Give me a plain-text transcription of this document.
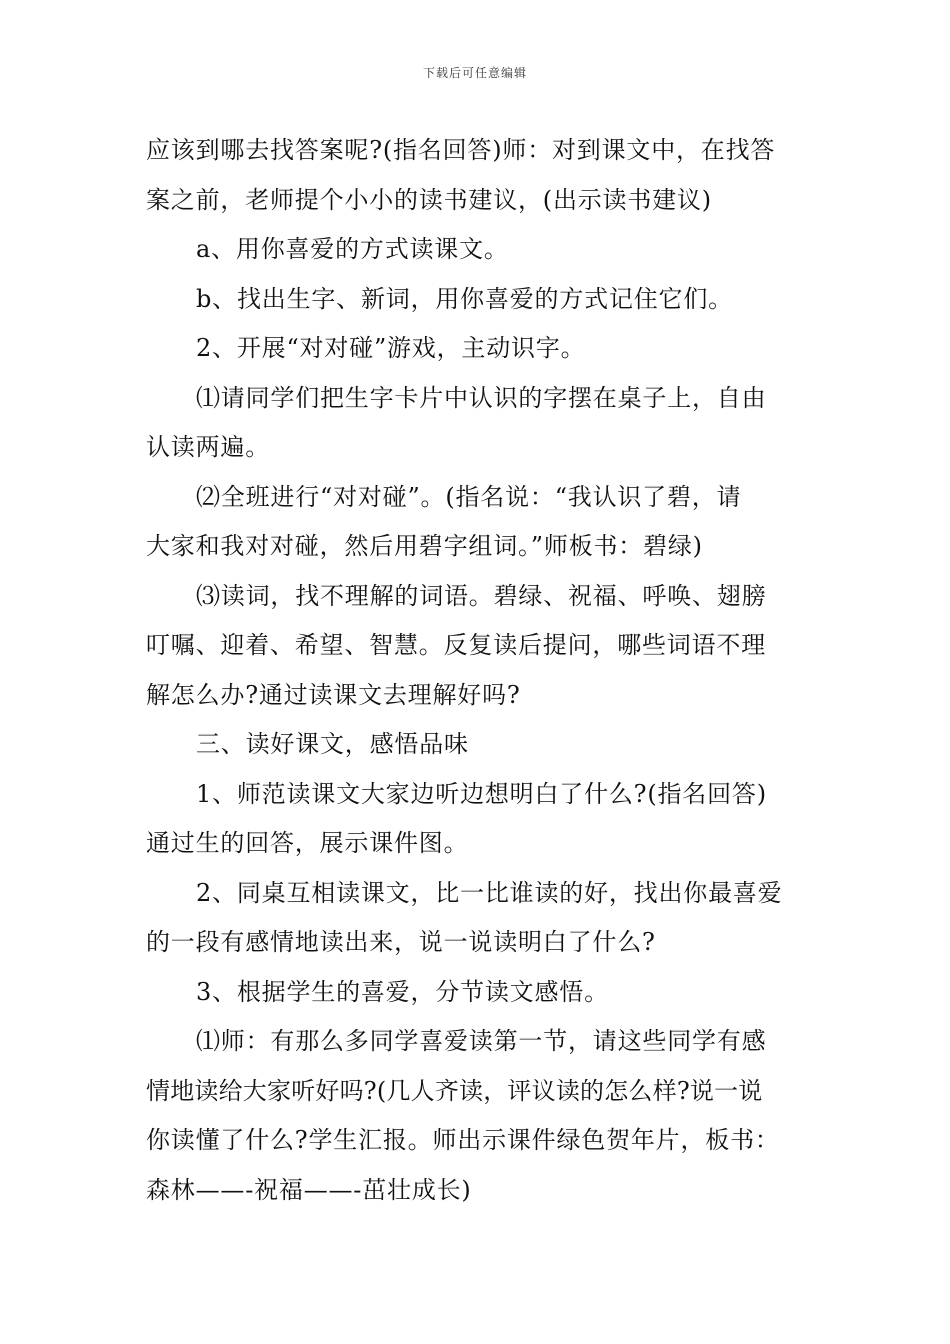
下载后可任意编辑
应该到哪去找答案呢?(指名回答)师：对到课文中，在找答
案之前，老师提个小小的读书建议，(出示读书建议)
a、用你喜爱的方式读课文。
b、找出生字、新词，用你喜爱的方式记住它们。
2、开展“对对碰”游戏，主动识字。
⑴请同学们把生字卡片中认识的字摆在桌子上，自由
认读两遍。
⑵全班进行“对对碰”。(指名说：“我认识了碧，请
大家和我对对碰，然后用碧字组词。”师板书：碧绿)
⑶读词，找不理解的词语。碧绿、祝福、呼唤、翅膀
叮嘱、迎着、希望、智慧。反复读后提问，哪些词语不理
解怎么办?通过读课文去理解好吗?
三、读好课文，感悟品味
1、师范读课文大家边听边想明白了什么?(指名回答)
通过生的回答，展示课件图。
2、同桌互相读课文，比一比谁读的好，找出你最喜爱
的一段有感情地读出来，说一说读明白了什么?
3、根据学生的喜爱，分节读文感悟。
⑴师：有那么多同学喜爱读第一节，请这些同学有感
情地读给大家听好吗?(几人齐读，评议读的怎么样?说一说
你读懂了什么?学生汇报。师出示课件绿色贺年片，板书：
森林——-祝福——-茁壮成长)
